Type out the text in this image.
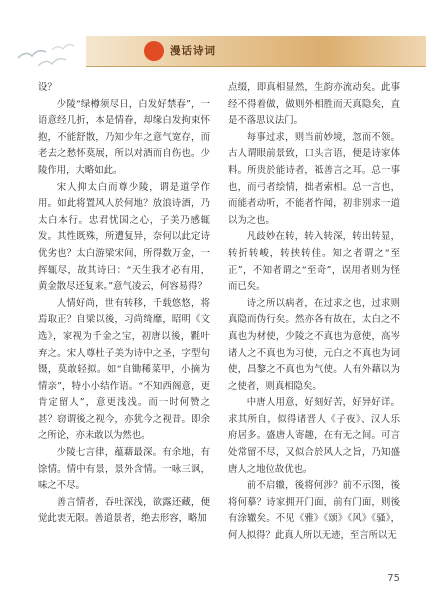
漫话诗词

设？

少陵“绿樽须尽日，白发好禁春”，一语意经几折，本是情眷，却缘白发拘束怀抱，不能舒散，乃知少年之意气宽存，而老去之愁怀莫展，所以对酒而自伤也。少陵作用，大略如此。

宋人抑太白而尊少陵，谓是道学作用。如此将置风人於何地？放浪诗酒，乃太白本行。忠君忧国之心，子美乃感辄发。其性既殊，所遭复异，奈何以此定诗优劣也？太白游梁宋间，所得数万金，一挥辄尽，故其诗曰：“天生我才必有用，黄金散尽还复来。”意气凌云，何容易得？

人情好尚，世有转移，千载悠悠，将焉取正？自梁以後，习尚绮靡，昭明《文选》，家视为千金之宝，初唐以後，氍叶弃之。宋人尊杜子美为诗中之圣，字型句镊，莫敢轻拟。如“自锄稀菜甲，小摘为情亲”，特小小结作语。“不知西阁意，更肯定留人”，意更浅浅。而一时何赞之甚？窃谓後之视今，亦犹今之视昔。即余之所论，亦未敢以为然也。

少陵七言律，蕴藉最深。有余地，有馀情。情中有景，景外含情。一咏三讽，味之不尽。

善言情者，吞吐深浅，欲露还藏，便觉此衷无限。善道景者，绝去形容，略加

点缀，即真相显然，生韵亦流动矣。此事经不得着做，做则外相胜而天真隐矣，直是不落思议法门。

每事过求，则当前妙境，忽而不领。古人谓眼前景致，口头言语，便是诗家体料。所贵於能诗者，祗善言之耳。总一事也，而弓者绘情，拙者索相。总一言也，而能者动听，不能者忤闻，初非别求一道以为之也。

凡歧妙在转，转入转深，转出转显，转折转峻，转挟转佳。知之者谓之“至正”，不知者谓之“至奇”，误用者则为怪而已矣。

诗之所以病者，在过求之也，过求则真隐而伪行矣。然亦各有故在，太白之不真也为材使，少陵之不真也为意使，高岑诸人之不真也为习使，元白之不真也为词使，昌黎之不真也为气使。人有外藉以为之使者，则真相隐矣。

中唐人用意，好刻好苦，好异好详。求其所自，似得诸晋人《子夜》、汉人乐府居多。盛唐人寄趣，在有无之间。可言处常留不尽，又似合於风人之旨，乃知盛唐人之地位故优也。

前不启辙，後将何涉？前不示图，後将何摹？诗家拥开门面，前有门面，则後有涂辙矣。不见《雅》《颂》《风》《骚》，何人拟得？此真人所以无迹，至言所以无

75
